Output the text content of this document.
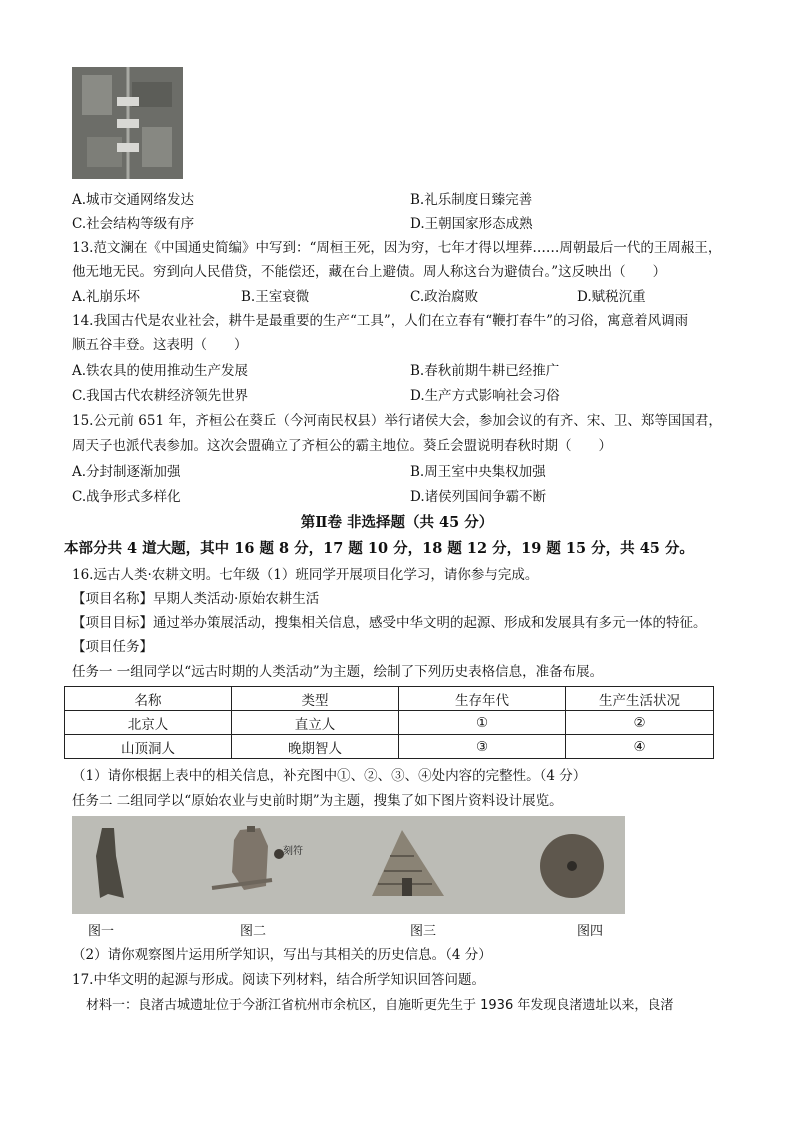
A.城市交通网络发达	B.礼乐制度日臻完善
C.社会结构等级有序	D.王朝国家形态成熟
13.范文澜在《中国通史简编》中写到：“周桓王死，因为穷，七年才得以埋葬……周朝最后一代的王周赧王，
他无地无民。穷到向人民借贷，不能偿还，藏在台上避债。周人称这台为避债台。”这反映出（　　）
A.礼崩乐坏	B.王室衰微	C.政治腐败	D.赋税沉重
14.我国古代是农业社会，耕牛是最重要的生产“工具”，人们在立春有“鞭打春牛”的习俗，寓意着风调雨
顺五谷丰登。这表明（　　）
A.铁农具的使用推动生产发展	B.春秋前期牛耕已经推广
C.我国古代农耕经济领先世界	D.生产方式影响社会习俗
15.公元前 651 年，齐桓公在葵丘（今河南民权县）举行诸侯大会，参加会议的有齐、宋、卫、郑等国国君，
周天子也派代表参加。这次会盟确立了齐桓公的霸主地位。葵丘会盟说明春秋时期（　　）
A.分封制逐渐加强	B.周王室中央集权加强
C.战争形式多样化	D.诸侯列国间争霸不断
第Ⅱ卷 非选择题（共 45 分）
本部分共 4 道大题，其中 16 题 8 分，17 题 10 分，18 题 12 分，19 题 15 分，共 45 分。
16.远古人类·农耕文明。七年级（1）班同学开展项目化学习，请你参与完成。
【项目名称】早期人类活动·原始农耕生活
【项目目标】通过举办策展活动，搜集相关信息，感受中华文明的起源、形成和发展具有多元一体的特征。
【项目任务】
任务一 一组同学以“远古时期的人类活动”为主题，绘制了下列历史表格信息，准备布展。
名称	类型	生存年代	生产生活状况
北京人	直立人	①	②
山顶洞人	晚期智人	③	④
（1）请你根据上表中的相关信息，补充图中①、②、③、④处内容的完整性。（4 分）
任务二 二组同学以“原始农业与史前时期”为主题，搜集了如下图片资料设计展览。
刻符
图一	图二	图三	图四
（2）请你观察图片运用所学知识，写出与其相关的历史信息。（4 分）
17.中华文明的起源与形成。阅读下列材料，结合所学知识回答问题。
材料一：良渚古城遗址位于今浙江省杭州市余杭区，自施昕更先生于 1936 年发现良渚遗址以来，良渚
